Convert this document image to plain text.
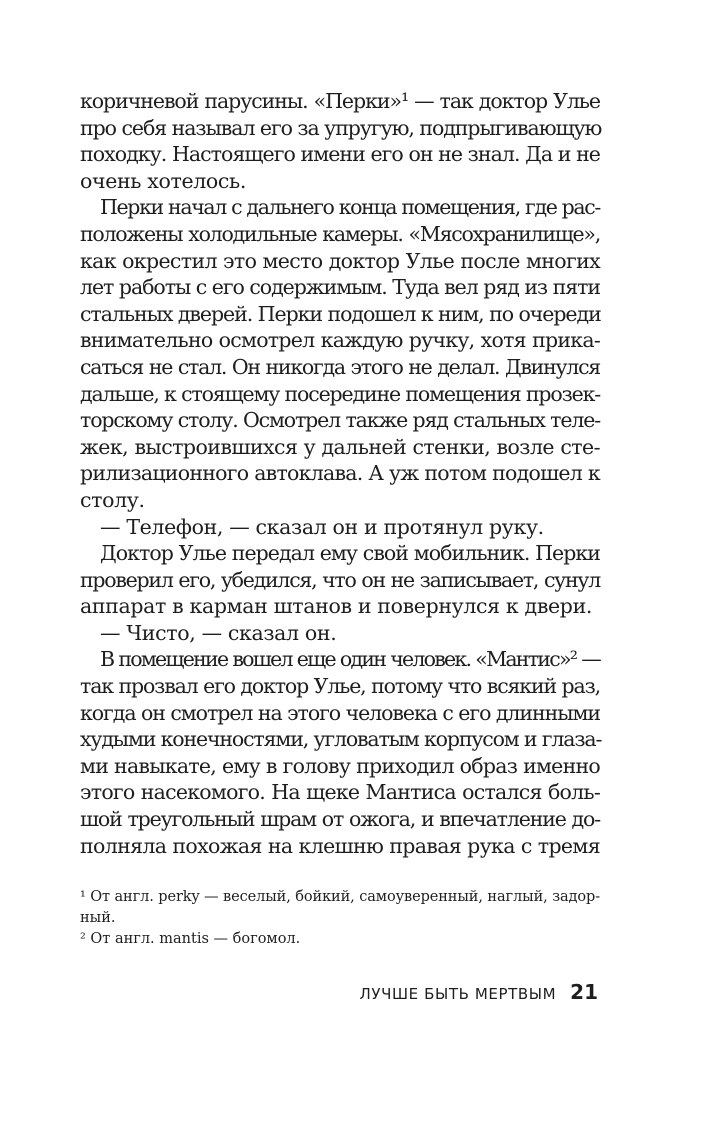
коричневой парусины. «Перки»¹ — так доктор Улье
про себя называл его за упругую, подпрыгивающую
походку. Настоящего имени его он не знал. Да и не
очень хотелось.
Перки начал с дальнего конца помещения, где рас-
положены холодильные камеры. «Мясохранилище»,
как окрестил это место доктор Улье после многих
лет работы с его содержимым. Туда вел ряд из пяти
стальных дверей. Перки подошел к ним, по очереди
внимательно осмотрел каждую ручку, хотя прика-
саться не стал. Он никогда этого не делал. Двинулся
дальше, к стоящему посередине помещения прозек-
торскому столу. Осмотрел также ряд стальных теле-
жек, выстроившихся у дальней стенки, возле сте-
рилизационного автоклава. А уж потом подошел к
столу.
— Телефон, — сказал он и протянул руку.
Доктор Улье передал ему свой мобильник. Перки
проверил его, убедился, что он не записывает, сунул
аппарат в карман штанов и повернулся к двери.
— Чисто, — сказал он.
В помещение вошел еще один человек. «Мантис»² —
так прозвал его доктор Улье, потому что всякий раз,
когда он смотрел на этого человека с его длинными
худыми конечностями, угловатым корпусом и глаза-
ми навыкате, ему в голову приходил образ именно
этого насекомого. На щеке Мантиса остался боль-
шой треугольный шрам от ожога, и впечатление до-
полняла похожая на клешню правая рука с тремя
¹ От англ. perky — веселый, бойкий, самоуверенный, наглый, задор-
ный.
² От англ. mantis — богомол.
ЛУЧШЕ БЫТЬ МЕРТВЫМ 21
